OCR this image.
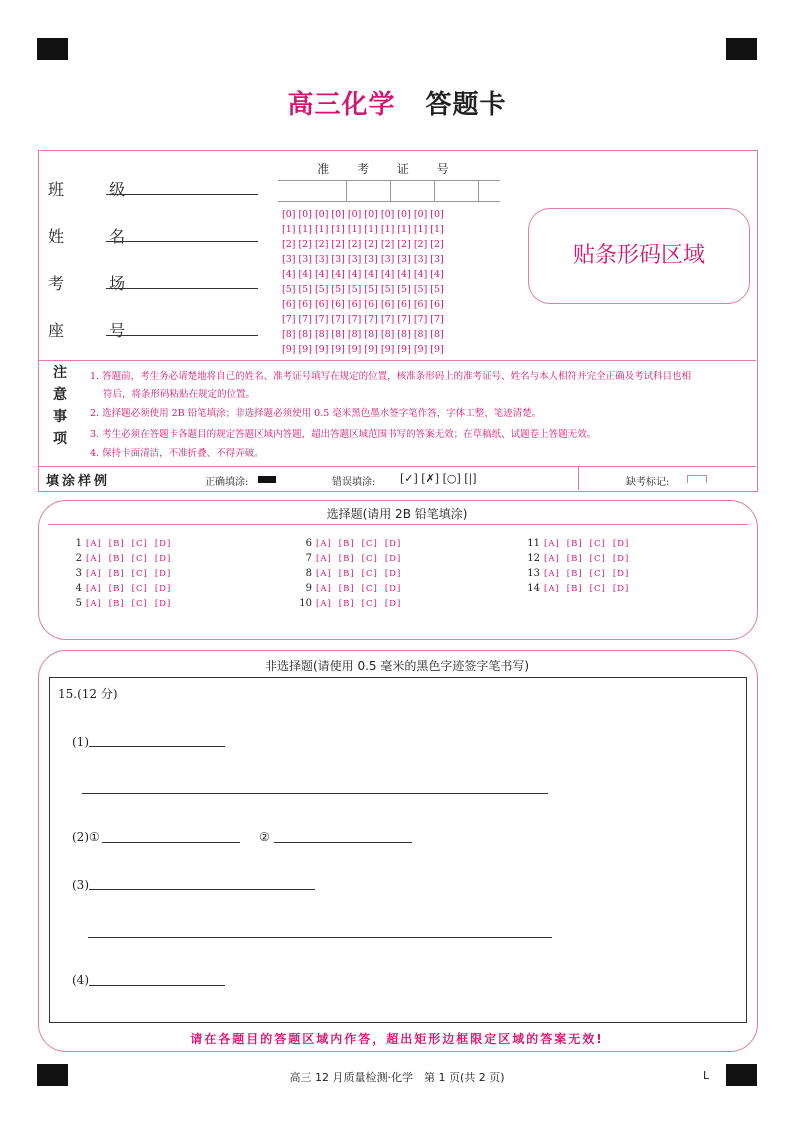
高三化学 答题卡
班 级
姓 名
考 场
座 号
准 考 证 号
[0] [0] [0] [0] [0] [0] [0] [0] [0] [0]
[1] [1] [1] [1] [1] [1] [1] [1] [1] [1]
[2] [2] [2] [2] [2] [2] [2] [2] [2] [2]
[3] [3] [3] [3] [3] [3] [3] [3] [3] [3]
[4] [4] [4] [4] [4] [4] [4] [4] [4] [4]
[5] [5] [5] [5] [5] [5] [5] [5] [5] [5]
[6] [6] [6] [6] [6] [6] [6] [6] [6] [6]
[7] [7] [7] [7] [7] [7] [7] [7] [7] [7]
[8] [8] [8] [8] [8] [8] [8] [8] [8] [8]
[9] [9] [9] [9] [9] [9] [9] [9] [9] [9]
贴条形码区域
注
意
事
项
1. 答题前，考生务必请楚地将自己的姓名、准考证号填写在规定的位置，核准条形码上的准考证号、姓名与本人相符并完全正确及考试科目也相
符后，将条形码粘贴在规定的位置。
2. 选择题必须使用 2B 铅笔填涂；非选择题必须使用 0.5 毫米黑色墨水签字笔作答，字体工整、笔迹清楚。
3. 考生必须在答题卡各题目的规定答题区域内答题，超出答题区域范围书写的答案无效；在草稿纸、试题卷上答题无效。
4. 保持卡面清洁，不准折叠、不得弄破。
填涂样例	正确填涂:	错误填涂: [✓] [✗] [○] [|]	缺考标记:
选择题(请用 2B 铅笔填涂)
1 [A] [B] [C] [D]
2 [A] [B] [C] [D]
3 [A] [B] [C] [D]
4 [A] [B] [C] [D]
5 [A] [B] [C] [D]
6 [A] [B] [C] [D]
7 [A] [B] [C] [D]
8 [A] [B] [C] [D]
9 [A] [B] [C] [D]
10 [A] [B] [C] [D]
11 [A] [B] [C] [D]
12 [A] [B] [C] [D]
13 [A] [B] [C] [D]
14 [A] [B] [C] [D]
非选择题(请使用 0.5 毫米的黑色字迹签字笔书写)
15.(12 分)
(1)
(2)①	②
(3)
(4)
请在各题目的答题区域内作答，超出矩形边框限定区域的答案无效!
高三 12 月质量检测·化学　第 1 页(共 2 页)	L
